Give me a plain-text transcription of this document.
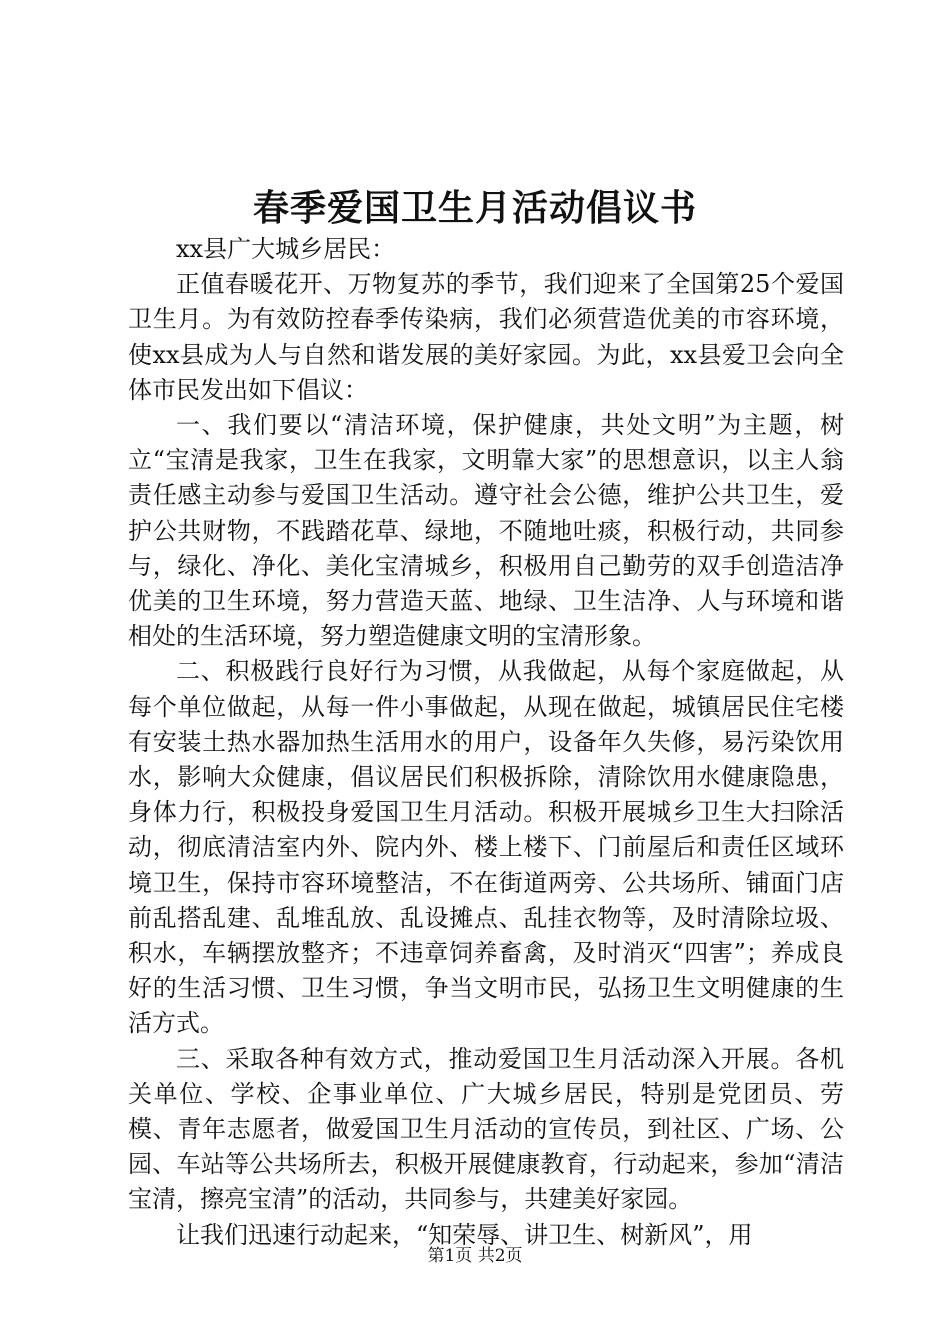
春季爱国卫生月活动倡议书

xx县广大城乡居民：

正值春暖花开、万物复苏的季节，我们迎来了全国第25个爱国卫生月。为有效防控春季传染病，我们必须营造优美的市容环境，使xx县成为人与自然和谐发展的美好家园。为此，xx县爱卫会向全体市民发出如下倡议：

一、我们要以“清洁环境，保护健康，共处文明”为主题，树立“宝清是我家，卫生在我家，文明靠大家”的思想意识，以主人翁责任感主动参与爱国卫生活动。遵守社会公德，维护公共卫生，爱护公共财物，不践踏花草、绿地，不随地吐痰，积极行动，共同参与，绿化、净化、美化宝清城乡，积极用自己勤劳的双手创造洁净优美的卫生环境，努力营造天蓝、地绿、卫生洁净、人与环境和谐相处的生活环境，努力塑造健康文明的宝清形象。

二、积极践行良好行为习惯，从我做起，从每个家庭做起，从每个单位做起，从每一件小事做起，从现在做起，城镇居民住宅楼有安装土热水器加热生活用水的用户，设备年久失修，易污染饮用水，影响大众健康，倡议居民们积极拆除，清除饮用水健康隐患，身体力行，积极投身爱国卫生月活动。积极开展城乡卫生大扫除活动，彻底清洁室内外、院内外、楼上楼下、门前屋后和责任区域环境卫生，保持市容环境整洁，不在街道两旁、公共场所、铺面门店前乱搭乱建、乱堆乱放、乱设摊点、乱挂衣物等，及时清除垃圾、积水，车辆摆放整齐；不违章饲养畜禽，及时消灭“四害”；养成良好的生活习惯、卫生习惯，争当文明市民，弘扬卫生文明健康的生活方式。

三、采取各种有效方式，推动爱国卫生月活动深入开展。各机关单位、学校、企事业单位、广大城乡居民，特别是党团员、劳模、青年志愿者，做爱国卫生月活动的宣传员，到社区、广场、公园、车站等公共场所去，积极开展健康教育，行动起来，参加“清洁宝清，擦亮宝清”的活动，共同参与，共建美好家园。

让我们迅速行动起来，“知荣辱、讲卫生、树新风”，用

第1页 共2页
